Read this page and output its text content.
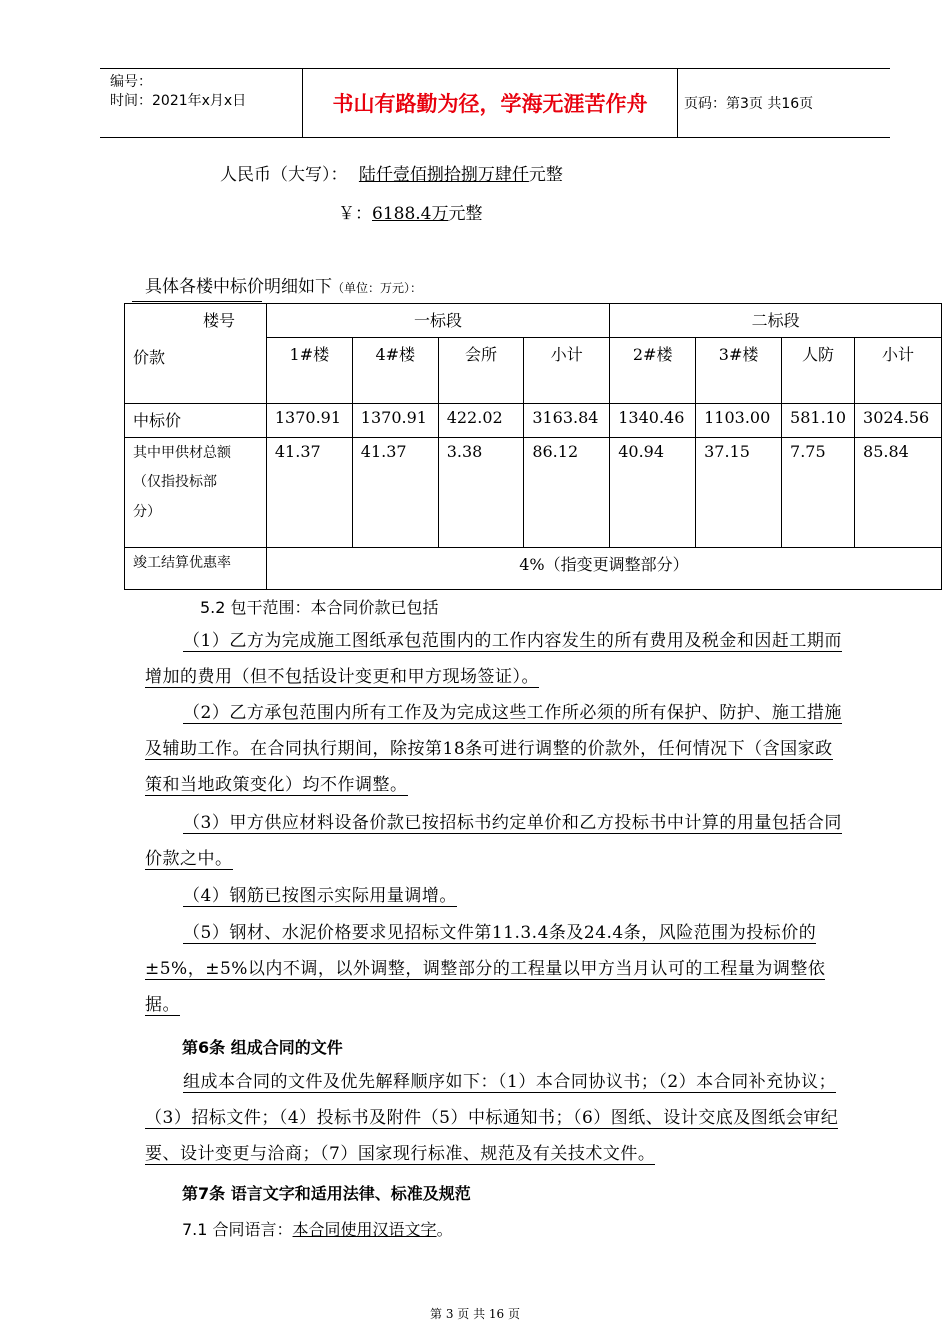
编号：
时间：2021年x月x日	书山有路勤为径，学海无涯苦作舟	页码：第3页 共16页
人民币（大写）： 陆仟壹佰捌拾捌万肆仟元整
￥：6188.4万元整
具体各楼中标价明细如下（单位：万元）：
楼号
价款	一标段				二标段			
	1#楼	4#楼	会所	小计	2#楼	3#楼	人防	小计
中标价	1370.91	1370.91	422.02	3163.84	1340.46	1103.00	581.10	3024.56

其中甲供材总额
（仅指投标部
分）	41.37	41.37	3.38	86.12	40.94	37.15	7.75	85.84
竣工结算优惠率	4%（指变更调整部分）							
5.2 包干范围：本合同价款已包括
（1）乙方为完成施工图纸承包范围内的工作内容发生的所有费用及税金和因赶工期而增加的费用（但不包括设计变更和甲方现场签证）。
（2）乙方承包范围内所有工作及为完成这些工作所必须的所有保护、防护、施工措施及辅助工作。在合同执行期间，除按第18条可进行调整的价款外，任何情况下（含国家政策和当地政策变化）均不作调整。
（3）甲方供应材料设备价款已按招标书约定单价和乙方投标书中计算的用量包括合同价款之中。
（4）钢筋已按图示实际用量调增。
（5）钢材、水泥价格要求见招标文件第11.3.4条及24.4条，风险范围为投标价的±5%，±5%以内不调，以外调整，调整部分的工程量以甲方当月认可的工程量为调整依据。
第6条 组成合同的文件
组成本合同的文件及优先解释顺序如下：（1）本合同协议书；（2）本合同补充协议；（3）招标文件；（4）投标书及附件（5）中标通知书；（6）图纸、设计交底及图纸会审纪要、设计变更与洽商；（7）国家现行标准、规范及有关技术文件。
第7条 语言文字和适用法律、标准及规范
7.1 合同语言：本合同使用汉语文字。
第 3 页 共 16 页
